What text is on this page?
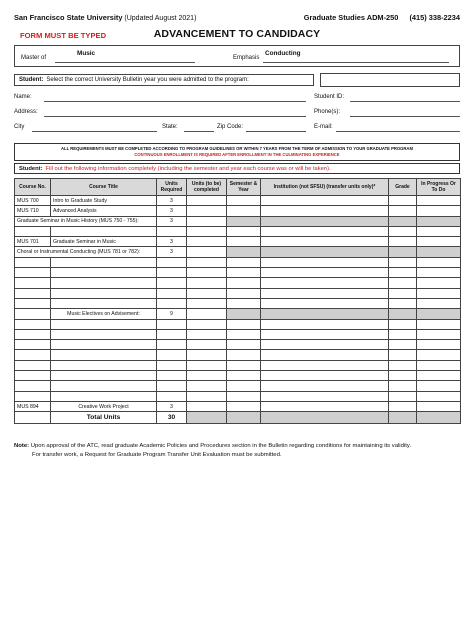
San Francisco State University (Updated August 2021)	Graduate Studies ADM-250 (415) 338-2234
FORM MUST BE TYPED	ADVANCEMENT TO CANDIDACY
Master of
Music
Emphasis
Conducting
Student: Select the correct University Bulletin year you were admitted to the program:
Name:	Student ID:
Address:	Phone(s):
City	State:	Zip Code:	E-mail:
ALL REQUIREMENTS MUST BE COMPLETED ACCORDING TO PROGRAM GUIDELINES OR WITHIN 7 YEARS FROM THE TERM OF ADMISSION TO YOUR GRADUATE PROGRAM
CONTINUOUS ENROLLMENT IS REQUIRED AFTER ENROLLMENT IN THE CULMINATING EXPERIENCE
Student: Fill out the following information completely (including the semester and year each course was or will be taken).
Course No.	Course Title	Units Required	Units (to be) completed	Semester & Year	Institution (not SFSU) (transfer units only)*	Grade	In Progress Or To Do
MUS 700	Intro to Graduate Study	3					
MUS 710	Advanced Analysis	3					
Graduate Seminar in Music History (MUS 750 - 755):		3					

MUS 701	Graduate Seminar in Music	3					
Choral or Instrumental Conducting (MUS 781 or 782):		3					

	Music Electives on Advisement:	9					

MUS 894	Creative Work Project	3					
	Total Units	30					
Note: Upon approval of the ATC, read graduate Academic Policies and Procedures section in the Bulletin regarding conditions for maintaining its validity.
For transfer work, a Request for Graduate Program Transfer Unit Evaluation must be submitted.
